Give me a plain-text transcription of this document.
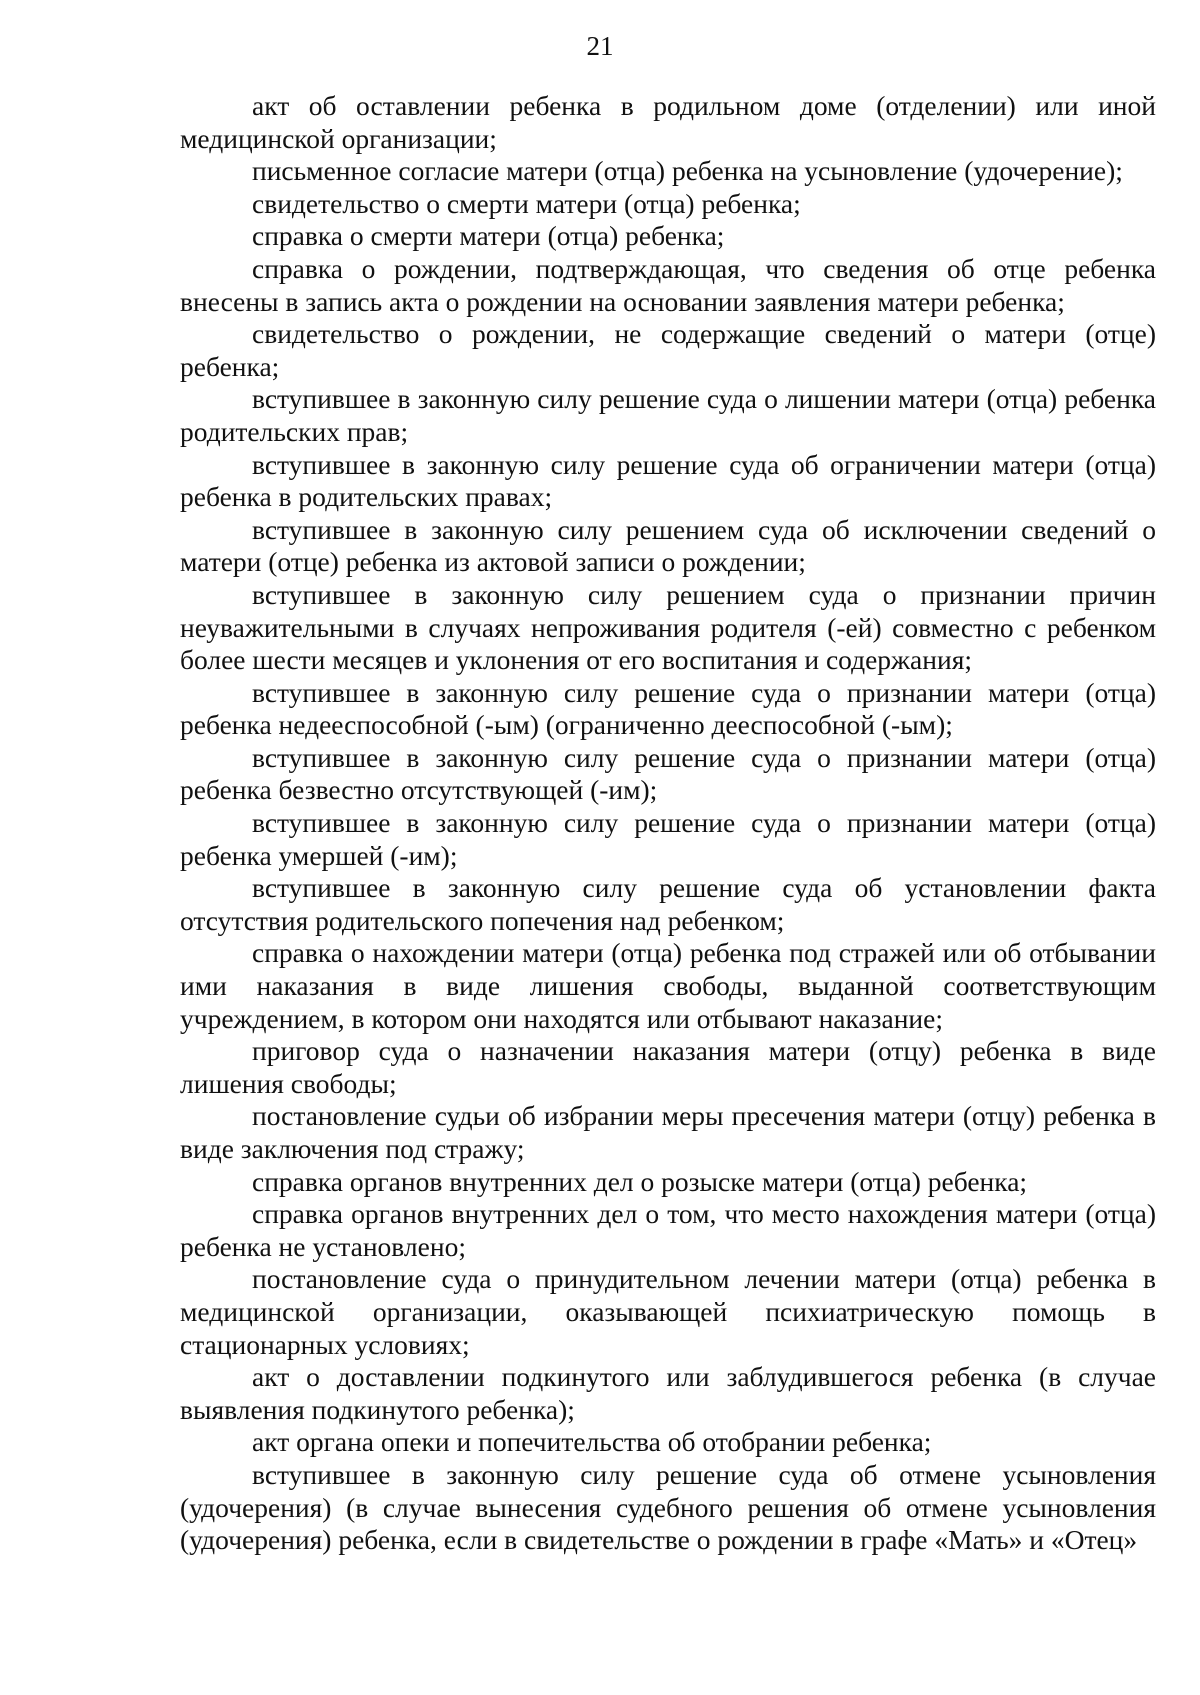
21

акт об оставлении ребенка в родильном доме (отделении) или иной медицинской организации;

письменное согласие матери (отца) ребенка на усыновление (удочерение);

свидетельство о смерти матери (отца) ребенка;

справка о смерти матери (отца) ребенка;

справка о рождении, подтверждающая, что сведения об отце ребенка внесены в запись акта о рождении на основании заявления матери ребенка;

свидетельство о рождении, не содержащие сведений о матери (отце) ребенка;

вступившее в законную силу решение суда о лишении матери (отца) ребенка родительских прав;

вступившее в законную силу решение суда об ограничении матери (отца) ребенка в родительских правах;

вступившее в законную силу решением суда об исключении сведений о матери (отце) ребенка из актовой записи о рождении;

вступившее в законную силу решением суда о признании причин неуважительными в случаях непроживания родителя (-ей) совместно с ребенком более шести месяцев и уклонения от его воспитания и содержания;

вступившее в законную силу решение суда о признании матери (отца) ребенка недееспособной (-ым) (ограниченно дееспособной (-ым);

вступившее в законную силу решение суда о признании матери (отца) ребенка безвестно отсутствующей (-им);

вступившее в законную силу решение суда о признании матери (отца) ребенка умершей (-им);

вступившее в законную силу решение суда об установлении факта отсутствия родительского попечения над ребенком;

справка о нахождении матери (отца) ребенка под стражей или об отбывании ими наказания в виде лишения свободы, выданной соответствующим учреждением, в котором они находятся или отбывают наказание;

приговор суда о назначении наказания матери (отцу) ребенка в виде лишения свободы;

постановление судьи об избрании меры пресечения матери (отцу) ребенка в виде заключения под стражу;

справка органов внутренних дел о розыске матери (отца) ребенка;

справка органов внутренних дел о том, что место нахождения матери (отца) ребенка не установлено;

постановление суда о принудительном лечении матери (отца) ребенка в медицинской организации, оказывающей психиатрическую помощь в стационарных условиях;

акт о доставлении подкинутого или заблудившегося ребенка (в случае выявления подкинутого ребенка);

акт органа опеки и попечительства об отобрании ребенка;

вступившее в законную силу решение суда об отмене усыновления (удочерения) (в случае вынесения судебного решения об отмене усыновления (удочерения) ребенка, если в свидетельстве о рождении в графе «Мать» и «Отец»
